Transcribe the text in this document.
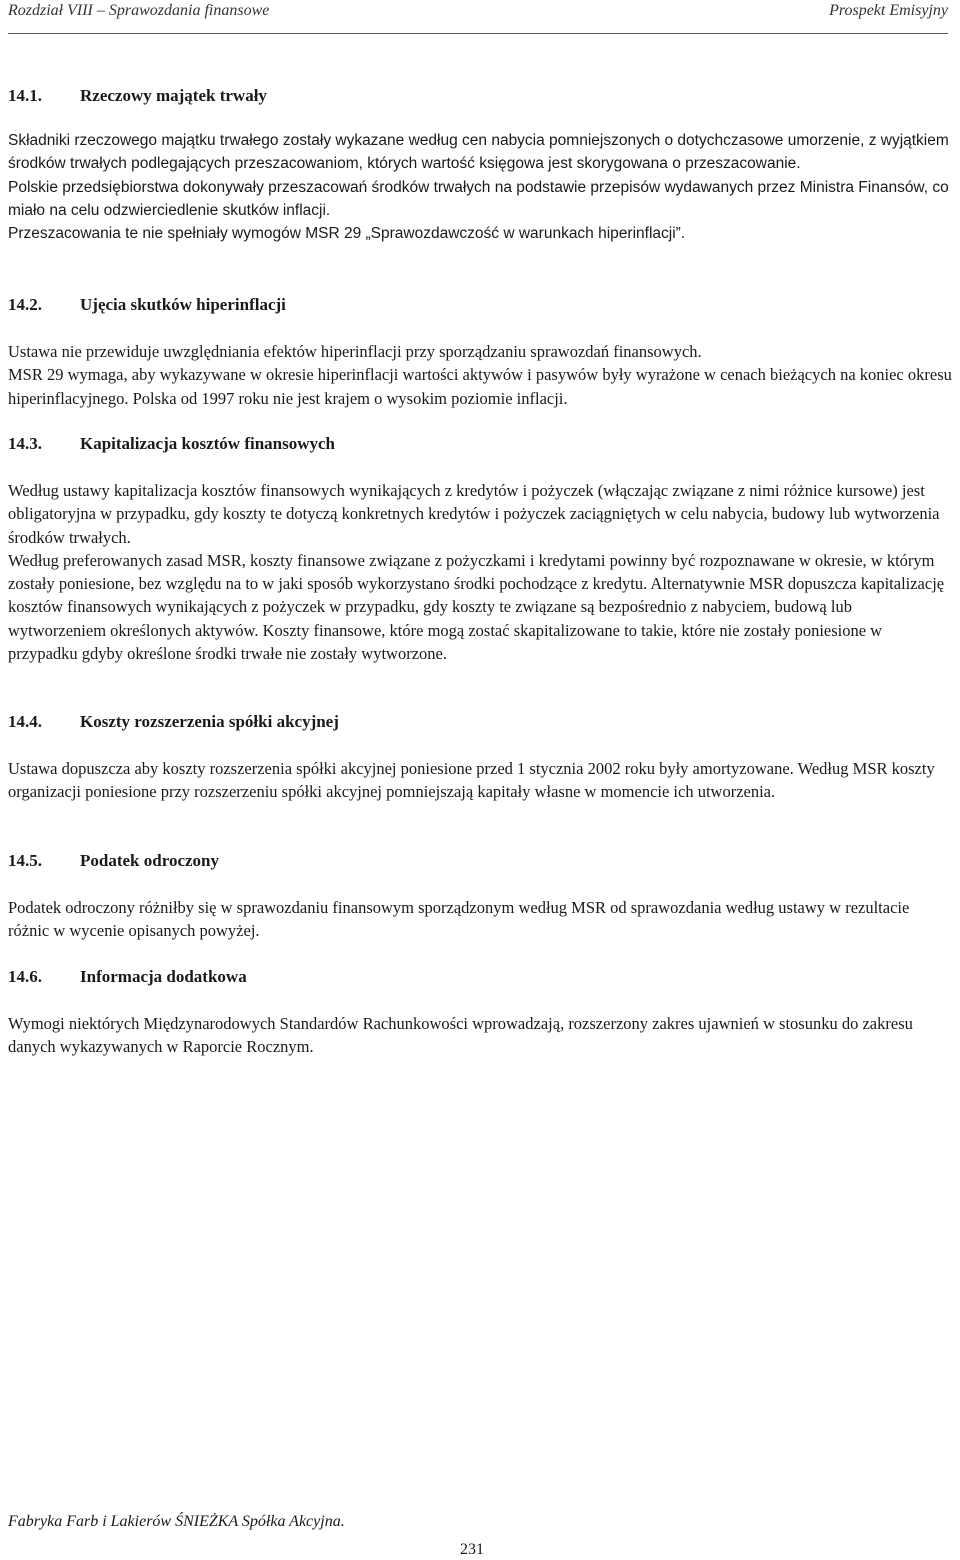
Rozdział VIII – Sprawozdania finansowe	Prospekt Emisyjny
14.1. Rzeczowy majątek trwały

Składniki rzeczowego majątku trwałego zostały wykazane według cen nabycia pomniejszonych o dotychczasowe umorzenie, z wyjątkiem środków trwałych podlegających przeszacowaniom, których wartość księgowa jest skorygowana o przeszacowanie.

Polskie przedsiębiorstwa dokonywały przeszacowań środków trwałych na podstawie przepisów wydawanych przez Ministra Finansów, co miało na celu odzwierciedlenie skutków inflacji.

Przeszacowania te nie spełniały wymogów MSR 29 „Sprawozdawczość w warunkach hiperinflacji”.

14.2. Ujęcia skutków hiperinflacji

Ustawa nie przewiduje uwzględniania efektów hiperinflacji przy sporządzaniu sprawozdań finansowych.

MSR 29 wymaga, aby wykazywane w okresie hiperinflacji wartości aktywów i pasywów były wyrażone w cenach bieżących na koniec okresu hiperinflacyjnego. Polska od 1997 roku nie jest krajem o wysokim poziomie inflacji.

14.3. Kapitalizacja kosztów finansowych

Według ustawy kapitalizacja kosztów finansowych wynikających z kredytów i pożyczek (włączając związane z nimi różnice kursowe) jest obligatoryjna w przypadku, gdy koszty te dotyczą konkretnych kredytów i pożyczek zaciągniętych w celu nabycia, budowy lub wytworzenia środków trwałych.

Według preferowanych zasad MSR, koszty finansowe związane z pożyczkami i kredytami powinny być rozpoznawane w okresie, w którym zostały poniesione, bez względu na to w jaki sposób wykorzystano środki pochodzące z kredytu. Alternatywnie MSR dopuszcza kapitalizację kosztów finansowych wynikających z pożyczek w przypadku, gdy koszty te związane są bezpośrednio z nabyciem, budową lub wytworzeniem określonych aktywów. Koszty finansowe, które mogą zostać skapitalizowane to takie, które nie zostały poniesione w przypadku gdyby określone środki trwałe nie zostały wytworzone.

14.4. Koszty rozszerzenia spółki akcyjnej

Ustawa dopuszcza aby koszty rozszerzenia spółki akcyjnej poniesione przed 1 stycznia 2002 roku były amortyzowane. Według MSR koszty organizacji poniesione przy rozszerzeniu spółki akcyjnej pomniejszają kapitały własne w momencie ich utworzenia.

14.5. Podatek odroczony

Podatek odroczony różniłby się w sprawozdaniu finansowym sporządzonym według MSR od sprawozdania według ustawy w rezultacie różnic w wycenie opisanych powyżej.

14.6. Informacja dodatkowa

Wymogi niektórych Międzynarodowych Standardów Rachunkowości wprowadzają, rozszerzony zakres ujawnień w stosunku do zakresu danych wykazywanych w Raporcie Rocznym.

Fabryka Farb i Lakierów ŚNIEŻKA Spółka Akcyjna.
231
